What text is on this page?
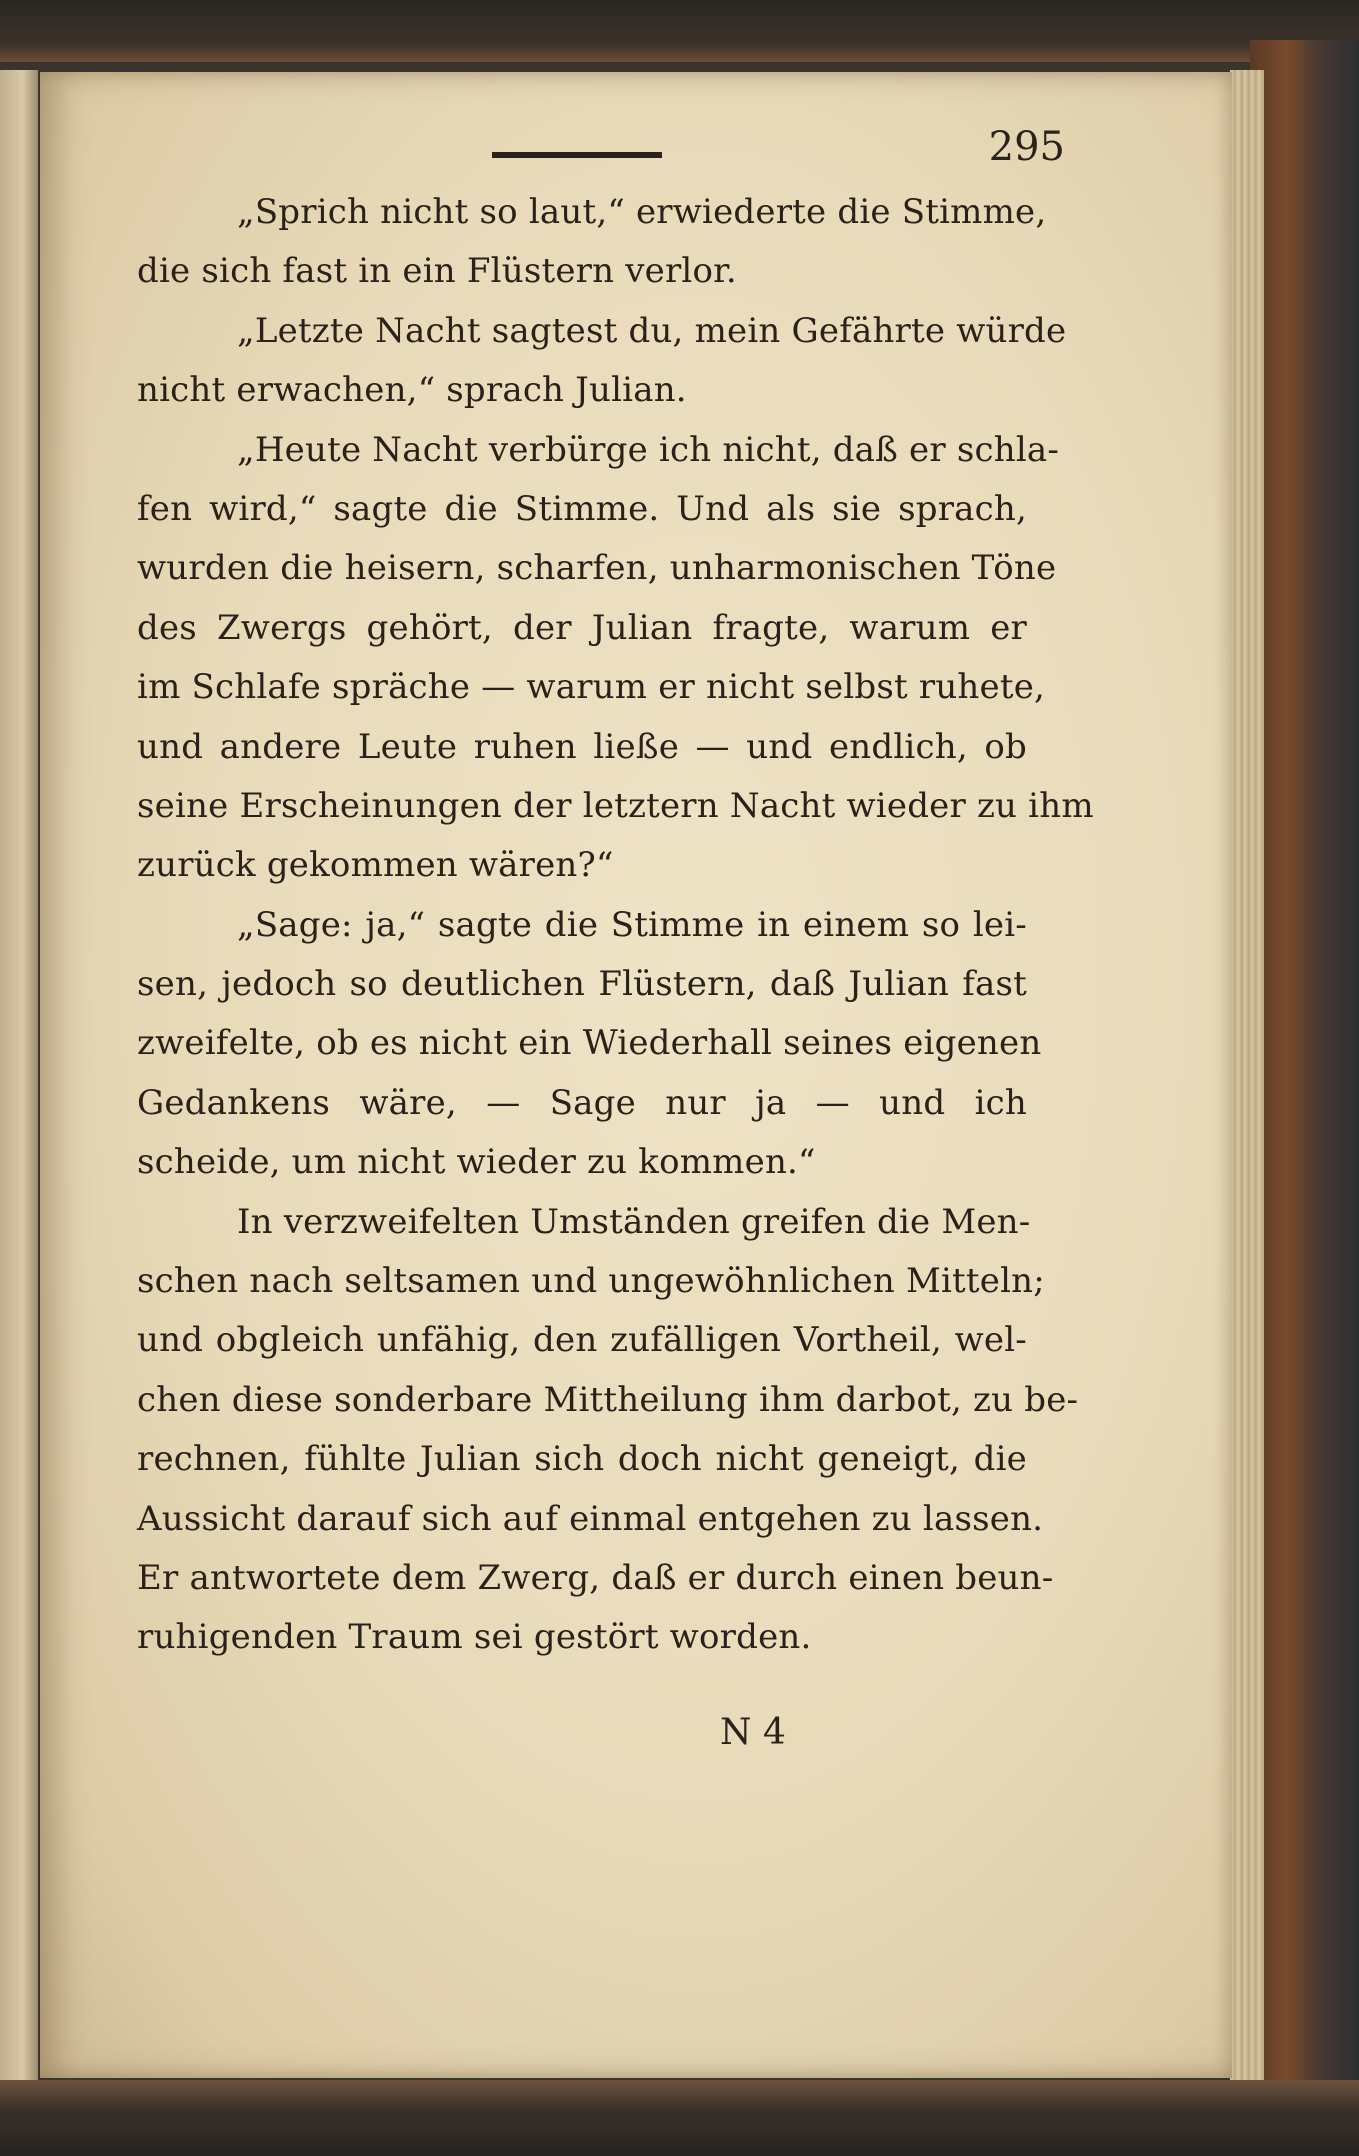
295
„Sprich nicht so laut,“ erwiederte die Stimme,
die sich fast in ein Flüstern verlor.
„Letzte Nacht sagtest du, mein Gefährte würde
nicht erwachen,“ sprach Julian.
„Heute Nacht verbürge ich nicht, daß er schla-
fen wird,“ sagte die Stimme. Und als sie sprach,
wurden die heisern, scharfen, unharmonischen Töne
des Zwergs gehört, der Julian fragte, warum er
im Schlafe spräche — warum er nicht selbst ruhete,
und andere Leute ruhen ließe — und endlich, ob
seine Erscheinungen der letztern Nacht wieder zu ihm
zurück gekommen wären?“
„Sage: ja,“ sagte die Stimme in einem so lei-
sen, jedoch so deutlichen Flüstern, daß Julian fast
zweifelte, ob es nicht ein Wiederhall seines eigenen
Gedankens wäre, — Sage nur ja — und ich
scheide, um nicht wieder zu kommen.“
In verzweifelten Umständen greifen die Men-
schen nach seltsamen und ungewöhnlichen Mitteln;
und obgleich unfähig, den zufälligen Vortheil, wel-
chen diese sonderbare Mittheilung ihm darbot, zu be-
rechnen, fühlte Julian sich doch nicht geneigt, die
Aussicht darauf sich auf einmal entgehen zu lassen.
Er antwortete dem Zwerg, daß er durch einen beun-
ruhigenden Traum sei gestört worden.
N 4
